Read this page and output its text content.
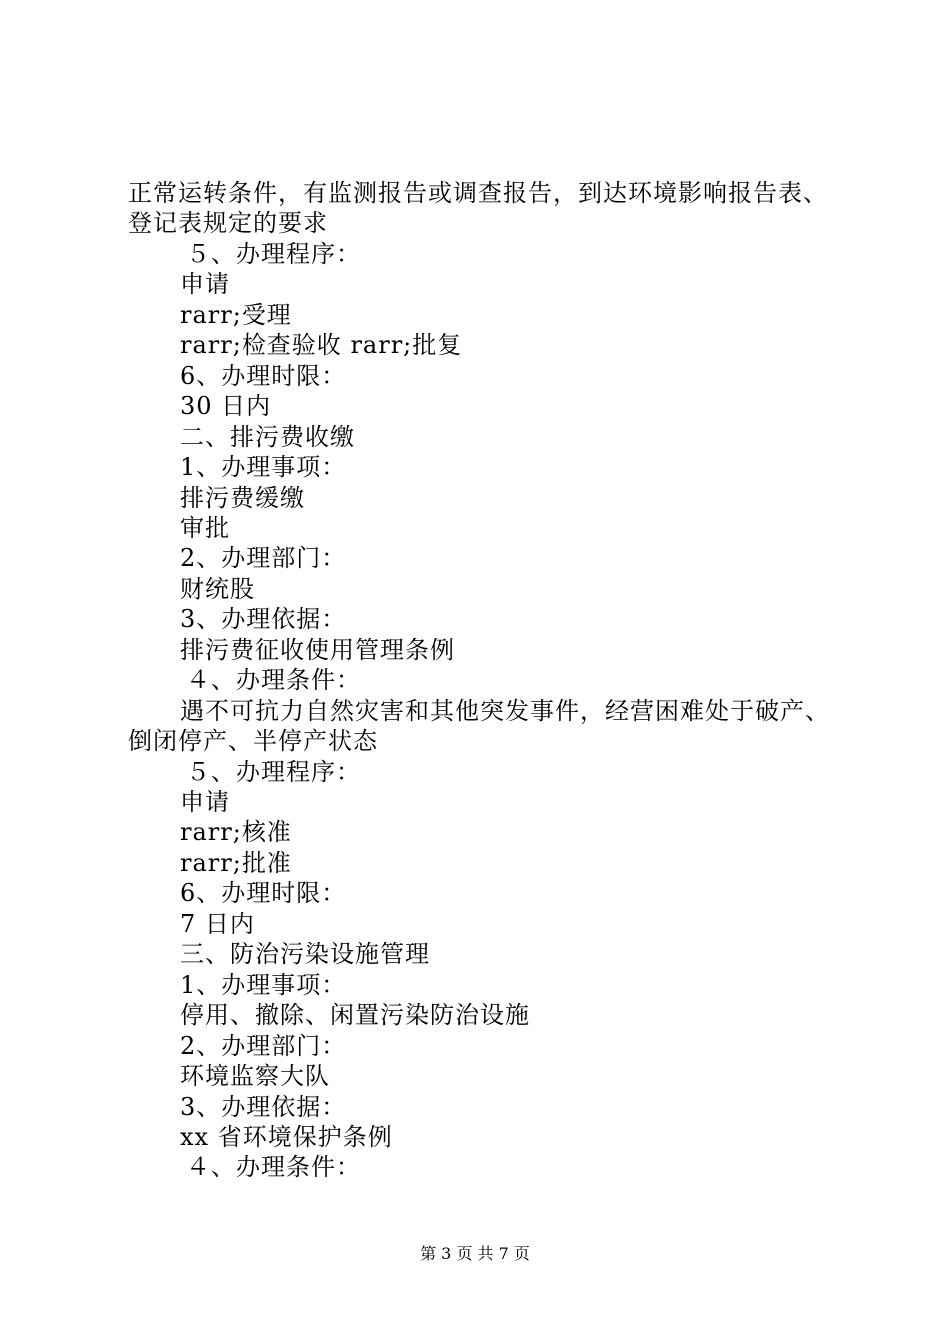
正常运转条件，有监测报告或调查报告，到达环境影响报告表、
登记表规定的要求
５、办理程序：
申请
rarr;受理
rarr;检查验收 rarr;批复
6、办理时限：
30 日内
二、排污费收缴
1、办理事项：
排污费缓缴
审批
2、办理部门：
财统股
3、办理依据：
排污费征收使用管理条例
４、办理条件：
遇不可抗力自然灾害和其他突发事件，经营困难处于破产、
倒闭停产、半停产状态
５、办理程序：
申请
rarr;核准
rarr;批准
6、办理时限：
7 日内
三、防治污染设施管理
1、办理事项：
停用、撤除、闲置污染防治设施
2、办理部门：
环境监察大队
3、办理依据：
xx 省环境保护条例
４、办理条件：
第 3 页 共 7 页
